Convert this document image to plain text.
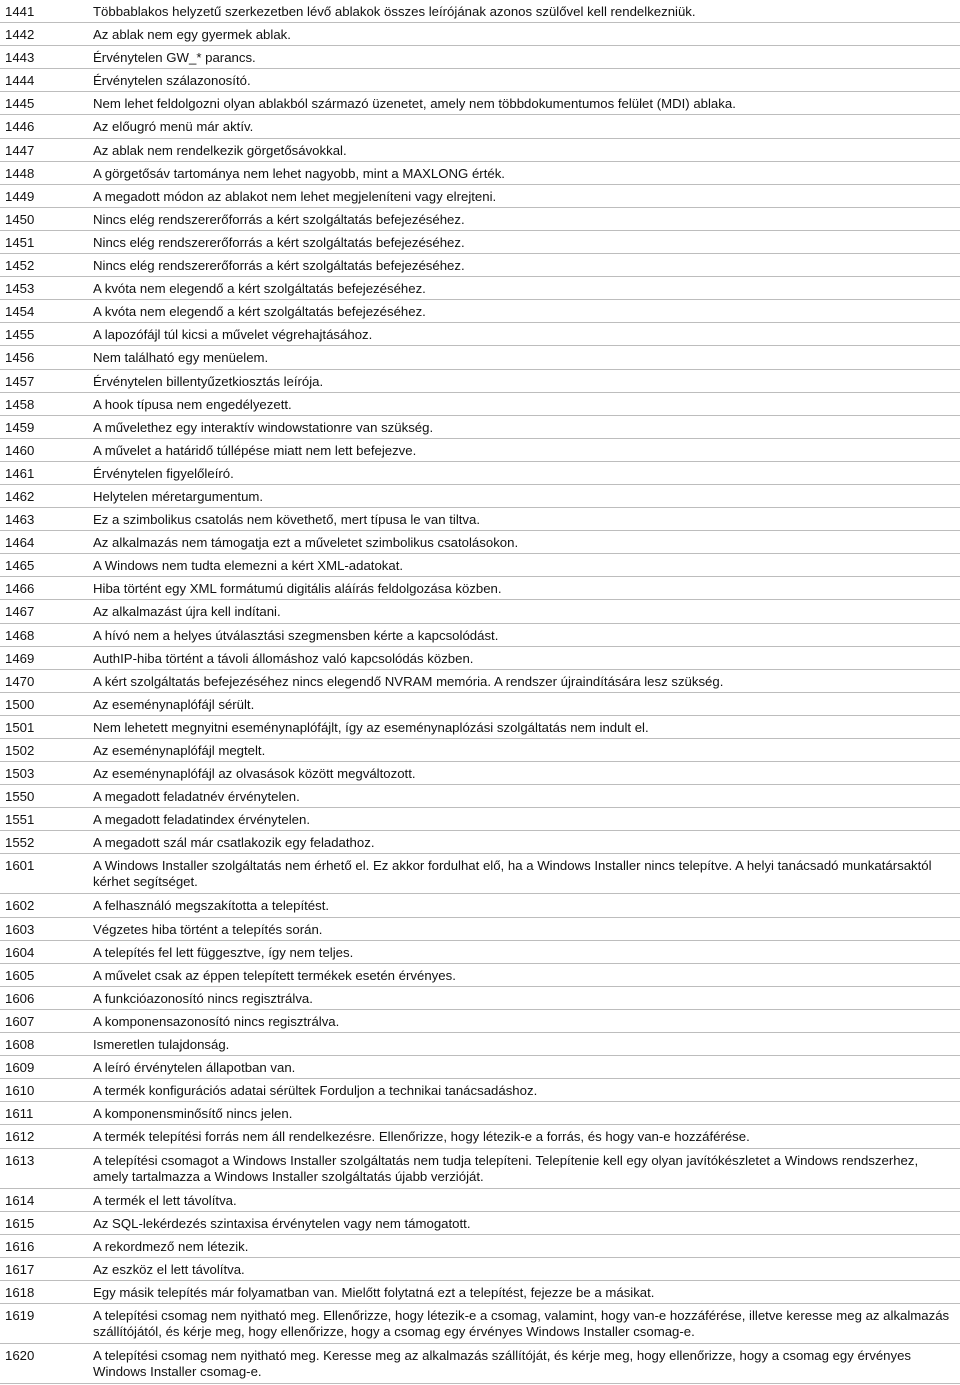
1441	Többablakos helyzetű szerkezetben lévő ablakok összes leírójának azonos szülővel kell rendelkezniük.
1442	Az ablak nem egy gyermek ablak.
1443	Érvénytelen GW_* parancs.
1444	Érvénytelen szálazonosító.
1445	Nem lehet feldolgozni olyan ablakból származó üzenetet, amely nem többdokumentumos felület (MDI) ablaka.
1446	Az előugró menü már aktív.
1447	Az ablak nem rendelkezik görgetősávokkal.
1448	A görgetősáv tartománya nem lehet nagyobb, mint a MAXLONG érték.
1449	A megadott módon az ablakot nem lehet megjeleníteni vagy elrejteni.
1450	Nincs elég rendszererőforrás a kért szolgáltatás befejezéséhez.
1451	Nincs elég rendszererőforrás a kért szolgáltatás befejezéséhez.
1452	Nincs elég rendszererőforrás a kért szolgáltatás befejezéséhez.
1453	A kvóta nem elegendő a kért szolgáltatás befejezéséhez.
1454	A kvóta nem elegendő a kért szolgáltatás befejezéséhez.
1455	A lapozófájl túl kicsi a művelet végrehajtásához.
1456	Nem található egy menüelem.
1457	Érvénytelen billentyűzetkiosztás leírója.
1458	A hook típusa nem engedélyezett.
1459	A művelethez egy interaktív windowstationre van szükség.
1460	A művelet a határidő túllépése miatt nem lett befejezve.
1461	Érvénytelen figyelőleíró.
1462	Helytelen méretargumentum.
1463	Ez a szimbolikus csatolás nem követhető, mert típusa le van tiltva.
1464	Az alkalmazás nem támogatja ezt a műveletet szimbolikus csatolásokon.
1465	A Windows nem tudta elemezni a kért XML-adatokat.
1466	Hiba történt egy XML formátumú digitális aláírás feldolgozása közben.
1467	Az alkalmazást újra kell indítani.
1468	A hívó nem a helyes útválasztási szegmensben kérte a kapcsolódást.
1469	AuthIP-hiba történt a távoli állomáshoz való kapcsolódás közben.
1470	A kért szolgáltatás befejezéséhez nincs elegendő NVRAM memória. A rendszer újraindítására lesz szükség.
1500	Az eseménynaplófájl sérült.
1501	Nem lehetett megnyitni eseménynaplófájlt, így az eseménynaplózási szolgáltatás nem indult el.
1502	Az eseménynaplófájl megtelt.
1503	Az eseménynaplófájl az olvasások között megváltozott.
1550	A megadott feladatnév érvénytelen.
1551	A megadott feladatindex érvénytelen.
1552	A megadott szál már csatlakozik egy feladathoz.
1601	A Windows Installer szolgáltatás nem érhető el. Ez akkor fordulhat elő, ha a Windows Installer nincs telepítve. A helyi tanácsadó munkatársaktól kérhet segítséget.
1602	A felhasználó megszakította a telepítést.
1603	Végzetes hiba történt a telepítés során.
1604	A telepítés fel lett függesztve, így nem teljes.
1605	A művelet csak az éppen telepített termékek esetén érvényes.
1606	A funkcióazonosító nincs regisztrálva.
1607	A komponensazonosító nincs regisztrálva.
1608	Ismeretlen tulajdonság.
1609	A leíró érvénytelen állapotban van.
1610	A termék konfigurációs adatai sérültek Forduljon a technikai tanácsadáshoz.
1611	A komponensminősítő nincs jelen.
1612	A termék telepítési forrás nem áll rendelkezésre. Ellenőrizze, hogy létezik-e a forrás, és hogy van-e hozzáférése.
1613	A telepítési csomagot a Windows Installer szolgáltatás nem tudja telepíteni. Telepítenie kell egy olyan javítókészletet a Windows rendszerhez, amely tartalmazza a Windows Installer szolgáltatás újabb verzióját.
1614	A termék el lett távolítva.
1615	Az SQL-lekérdezés szintaxisa érvénytelen vagy nem támogatott.
1616	A rekordmező nem létezik.
1617	Az eszköz el lett távolítva.
1618	Egy másik telepítés már folyamatban van. Mielőtt folytatná ezt a telepítést, fejezze be a másikat.
1619	A telepítési csomag nem nyitható meg. Ellenőrizze, hogy létezik-e a csomag, valamint, hogy van-e hozzáférése, illetve keresse meg az alkalmazás szállítójától, és kérje meg, hogy ellenőrizze, hogy a csomag egy érvényes Windows Installer csomag-e.
1620	A telepítési csomag nem nyitható meg. Keresse meg az alkalmazás szállítóját, és kérje meg, hogy ellenőrizze, hogy a csomag egy érvényes Windows Installer csomag-e.
